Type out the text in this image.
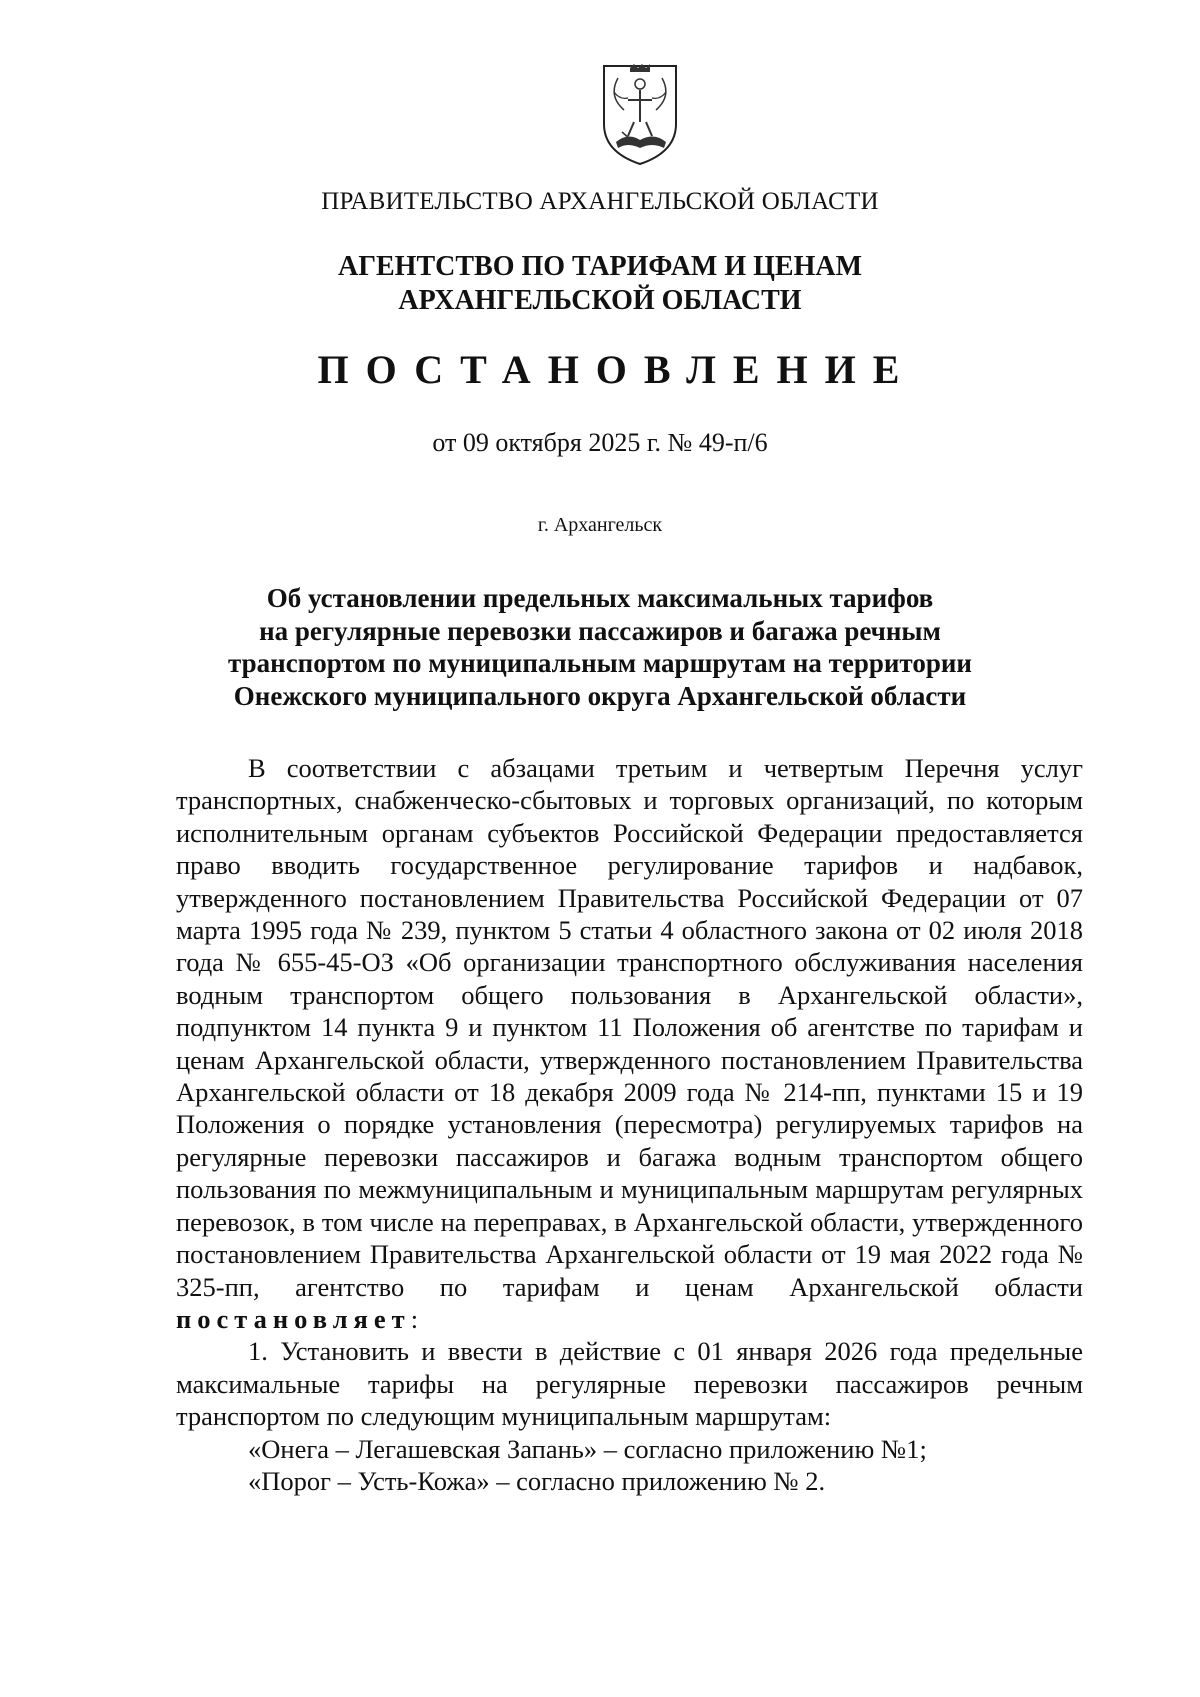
ПРАВИТЕЛЬСТВО АРХАНГЕЛЬСКОЙ ОБЛАСТИ
АГЕНТСТВО ПО ТАРИФАМ И ЦЕНАМ
АРХАНГЕЛЬСКОЙ ОБЛАСТИ
ПОСТАНОВЛЕНИЕ
от 09 октября 2025 г. № 49-п/6
г. Архангельск
Об установлении предельных максимальных тарифов
на регулярные перевозки пассажиров и багажа речным
транспортом по муниципальным маршрутам на территории
Онежского муниципального округа Архангельской области

В соответствии с абзацами третьим и четвертым Перечня услуг транспортных, снабженческо-сбытовых и торговых организаций, по которым исполнительным органам субъектов Российской Федерации предоставляется право вводить государственное регулирование тарифов и надбавок, утвержденного постановлением Правительства Российской Федерации от 07 марта 1995 года № 239, пунктом 5 статьи 4 областного закона от 02 июля 2018 года № 655-45-ОЗ «Об организации транспортного обслуживания населения водным транспортом общего пользования в Архангельской области», подпунктом 14 пункта 9 и пунктом 11 Положения об агентстве по тарифам и ценам Архангельской области, утвержденного постановлением Правительства Архангельской области от 18 декабря 2009 года № 214-пп, пунктами 15 и 19 Положения о порядке установления (пересмотра) регулируемых тарифов на регулярные перевозки пассажиров и багажа водным транспортом общего пользования по межмуниципальным и муниципальным маршрутам регулярных перевозок, в том числе на переправах, в Архангельской области, утвержденного постановлением Правительства Архангельской области от 19 мая 2022 года № 325-пп, агентство по тарифам и ценам Архангельской области постановляет:

1. Установить и ввести в действие с 01 января 2026 года предельные максимальные тарифы на регулярные перевозки пассажиров речным транспортом по следующим муниципальным маршрутам:

«Онега – Легашевская Запань» – согласно приложению №1;

«Порог – Усть-Кожа» – согласно приложению № 2.
